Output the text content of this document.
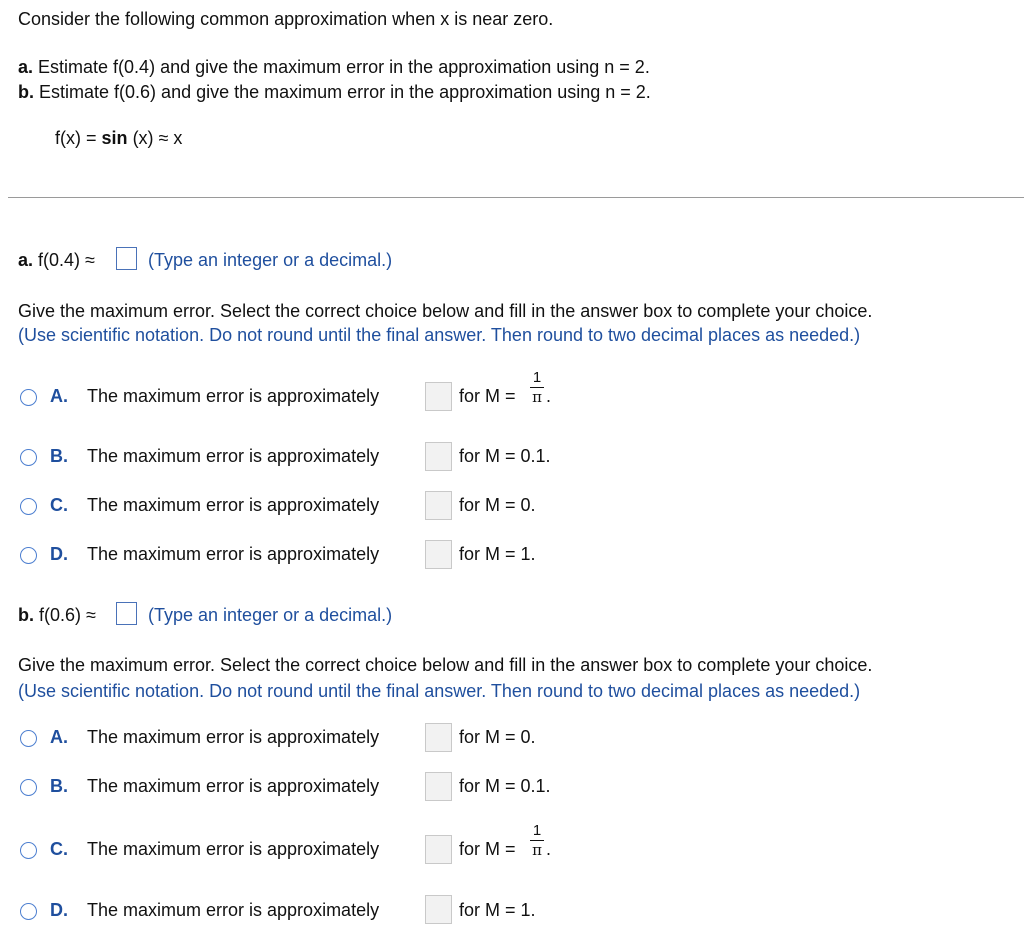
Consider the following common approximation when x is near zero.
a. Estimate f(0.4) and give the maximum error in the approximation using n = 2.
b. Estimate f(0.6) and give the maximum error in the approximation using n = 2.
f(x) = sin (x) ≈ x
a. f(0.4) ≈	(Type an integer or a decimal.)
Give the maximum error. Select the correct choice below and fill in the answer box to complete your choice.
(Use scientific notation. Do not round until the final answer. Then round to two decimal places as needed.)
A. The maximum error is approximately	for M =
1
π .
B. The maximum error is approximately	for M = 0.1.
C. The maximum error is approximately	for M = 0.
D. The maximum error is approximately	for M = 1.
b. f(0.6) ≈	(Type an integer or a decimal.)
Give the maximum error. Select the correct choice below and fill in the answer box to complete your choice.
(Use scientific notation. Do not round until the final answer. Then round to two decimal places as needed.)
A. The maximum error is approximately	for M = 0.
B. The maximum error is approximately	for M = 0.1.
C. The maximum error is approximately	for M =
1
π .
D. The maximum error is approximately	for M = 1.
